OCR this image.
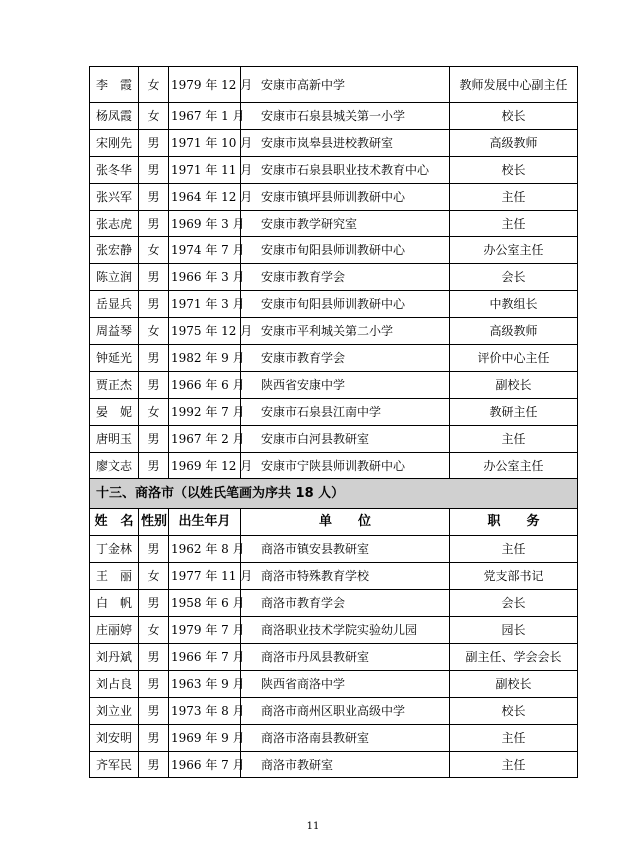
李　霞	女	1979 年 12 月	安康市高新中学	教师发展中心副主任
杨凤霞	女	1967 年 1 月	安康市石泉县城关第一小学	校长
宋刚先	男	1971 年 10 月	安康市岚皋县进校教研室	高级教师
张冬华	男	1971 年 11 月	安康市石泉县职业技术教育中心	校长
张兴军	男	1964 年 12 月	安康市镇坪县师训教研中心	主任
张志虎	男	1969 年 3 月	安康市教学研究室	主任
张宏静	女	1974 年 7 月	安康市旬阳县师训教研中心	办公室主任
陈立润	男	1966 年 3 月	安康市教育学会	会长
岳显兵	男	1971 年 3 月	安康市旬阳县师训教研中心	中教组长
周益琴	女	1975 年 12 月	安康市平利城关第二小学	高级教师
钟延光	男	1982 年 9 月	安康市教育学会	评价中心主任
贾正杰	男	1966 年 6 月	陕西省安康中学	副校长
晏　妮	女	1992 年 7 月	安康市石泉县江南中学	教研主任
唐明玉	男	1967 年 2 月	安康市白河县教研室	主任
廖文志	男	1969 年 12 月	安康市宁陕县师训教研中心	办公室主任
十三、商洛市（以姓氏笔画为序共 18 人）				
姓　名	性别	出生年月	单　　位	职　　务
丁金林	男	1962 年 8 月	商洛市镇安县教研室	主任
王　丽	女	1977 年 11 月	商洛市特殊教育学校	党支部书记
白　帆	男	1958 年 6 月	商洛市教育学会	会长
庄丽婷	女	1979 年 7 月	商洛职业技术学院实验幼儿园	园长
刘丹斌	男	1966 年 7 月	商洛市丹凤县教研室	副主任、学会会长
刘占良	男	1963 年 9 月	陕西省商洛中学	副校长
刘立业	男	1973 年 8 月	商洛市商州区职业高级中学	校长
刘安明	男	1969 年 9 月	商洛市洛南县教研室	主任
齐军民	男	1966 年 7 月	商洛市教研室	主任
11
